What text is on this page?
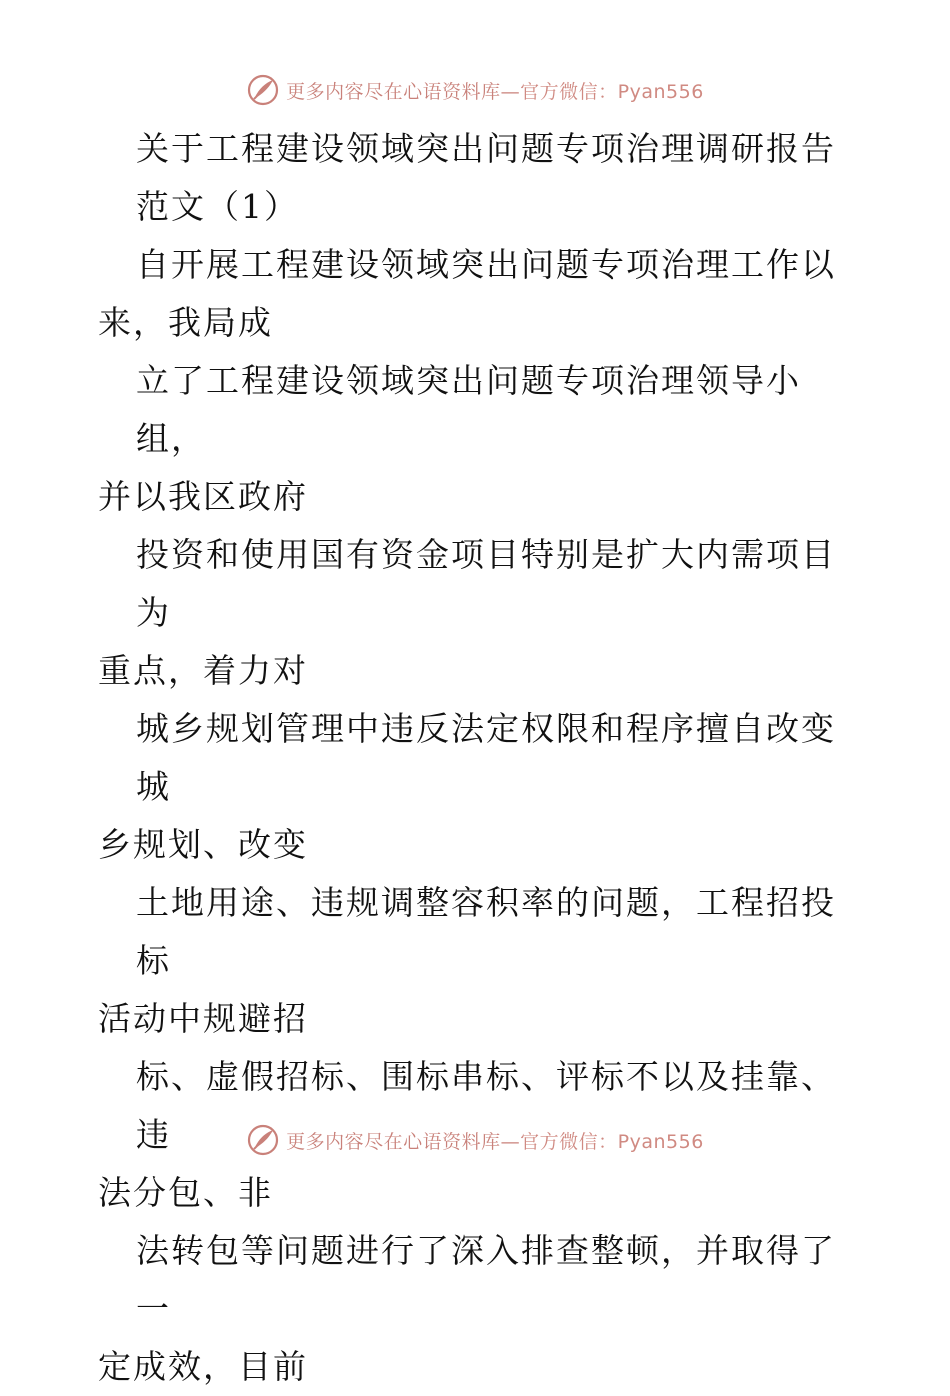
更多内容尽在心语资料库—官方微信：Pyan556

关于工程建设领域突出问题专项治理调研报告
范文（1）

自开展工程建设领域突出问题专项治理工作以
来，我局成

立了工程建设领域突出问题专项治理领导小组，
并以我区政府

投资和使用国有资金项目特别是扩大内需项目为
重点，着力对

城乡规划管理中违反法定权限和程序擅自改变城
乡规划、改变

土地用途、违规调整容积率的问题，工程招投标
活动中规避招

标、虚假招标、围标串标、评标不以及挂靠、违
法分包、非

法转包等问题进行了深入排查整顿，并取得了一
定成效，目前

更多内容尽在心语资料库—官方微信：Pyan556
